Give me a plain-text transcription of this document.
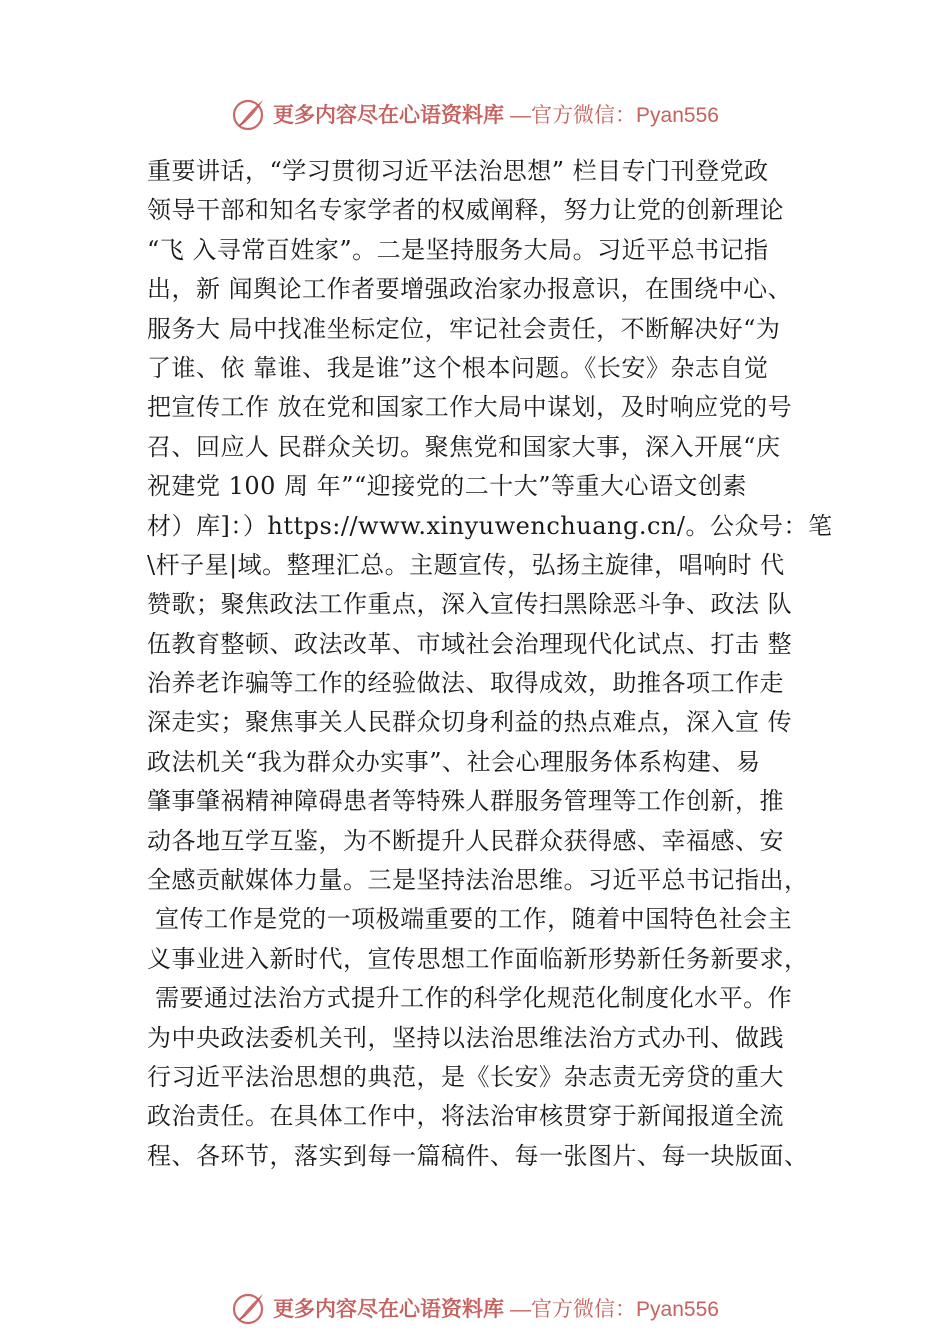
更多内容尽在心语资料库 —官方微信：Pyan556
重要讲话，“学习贯彻习近平法治思想” 栏目专门刊登党政
领导干部和知名专家学者的权威阐释，努力让党的创新理论
“飞 入寻常百姓家”。二是坚持服务大局。习近平总书记指
出，新 闻舆论工作者要增强政治家办报意识，在围绕中心、
服务大 局中找准坐标定位，牢记社会责任，不断解决好“为
了谁、依 靠谁、我是谁”这个根本问题。《长安》杂志自觉
把宣传工作 放在党和国家工作大局中谋划，及时响应党的号
召、回应人 民群众关切。聚焦党和国家大事，深入开展“庆
祝建党 100 周 年”“迎接党的二十大”等重大心语文创素
材）库]：）https://www.xinyuwenchuang.cn/。公众号：笔
\杆子星|域。整理汇总。主题宣传，弘扬主旋律，唱响时 代
赞歌；聚焦政法工作重点，深入宣传扫黑除恶斗争、政法 队
伍教育整顿、政法改革、市域社会治理现代化试点、打击 整
治养老诈骗等工作的经验做法、取得成效，助推各项工作走
深走实；聚焦事关人民群众切身利益的热点难点，深入宣 传
政法机关“我为群众办实事”、社会心理服务体系构建、易
肇事肇祸精神障碍患者等特殊人群服务管理等工作创新，推
动各地互学互鉴，为不断提升人民群众获得感、幸福感、安
全感贡献媒体力量。三是坚持法治思维。习近平总书记指出，
宣传工作是党的一项极端重要的工作，随着中国特色社会主
义事业进入新时代，宣传思想工作面临新形势新任务新要求，
需要通过法治方式提升工作的科学化规范化制度化水平。作
为中央政法委机关刊，坚持以法治思维法治方式办刊、做践
行习近平法治思想的典范，是《长安》杂志责无旁贷的重大
政治责任。在具体工作中，将法治审核贯穿于新闻报道全流
程、各环节，落实到每一篇稿件、每一张图片、每一块版面、
更多内容尽在心语资料库 —官方微信：Pyan556
